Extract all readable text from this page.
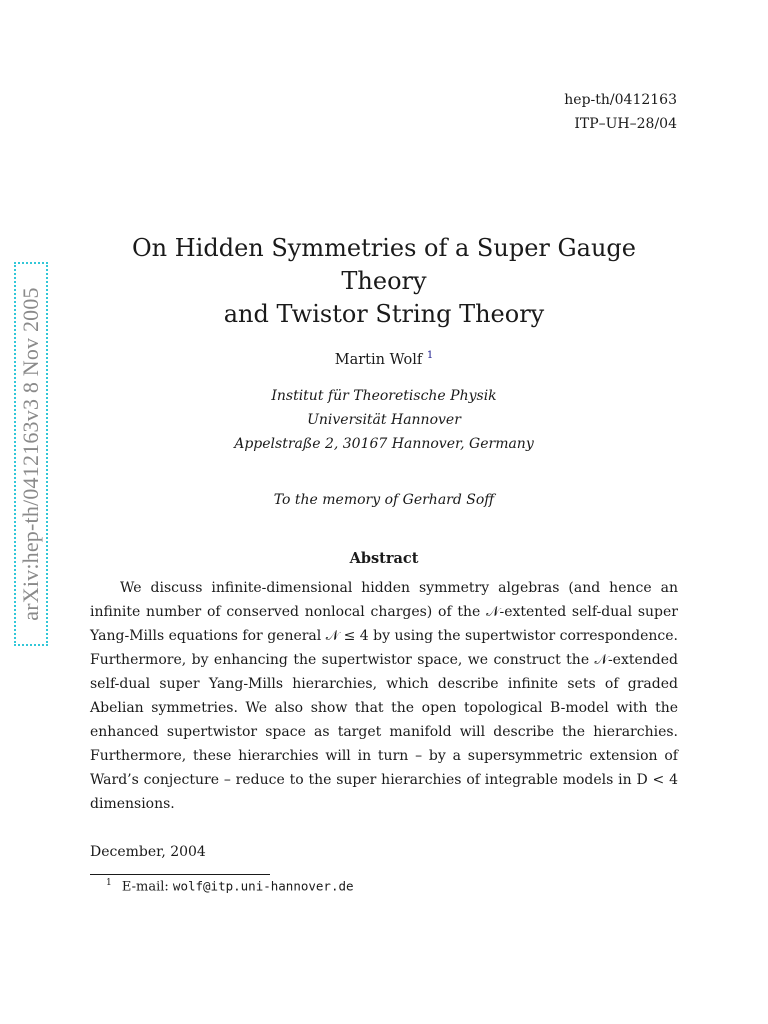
arXiv:hep-th/0412163v3 8 Nov 2005
hep-th/0412163
ITP–UH–28/04
On Hidden Symmetries of a Super Gauge Theory
and Twistor String Theory
Martin Wolf $^1$
Institut für Theoretische Physik
Universität Hannover
Appelstraße 2, 30167 Hannover, Germany
To the memory of Gerhard Soff
Abstract

We discuss infinite-dimensional hidden symmetry algebras (and hence an infinite number of conserved nonlocal charges) of the 𝒩-extented self-dual super Yang-Mills equations for general 𝒩 ≤ 4 by using the supertwistor correspondence. Furthermore, by enhancing the supertwistor space, we construct the 𝒩-extended self-dual super Yang-Mills hierarchies, which describe infinite sets of graded Abelian symmetries. We also show that the open topological B-model with the enhanced supertwistor space as target manifold will describe the hierarchies. Furthermore, these hierarchies will in turn – by a supersymmetric extension of Ward’s conjecture – reduce to the super hierarchies of integrable models in D < 4 dimensions.

December, 2004
$^1$ E-mail: wolf@itp.uni-hannover.de
